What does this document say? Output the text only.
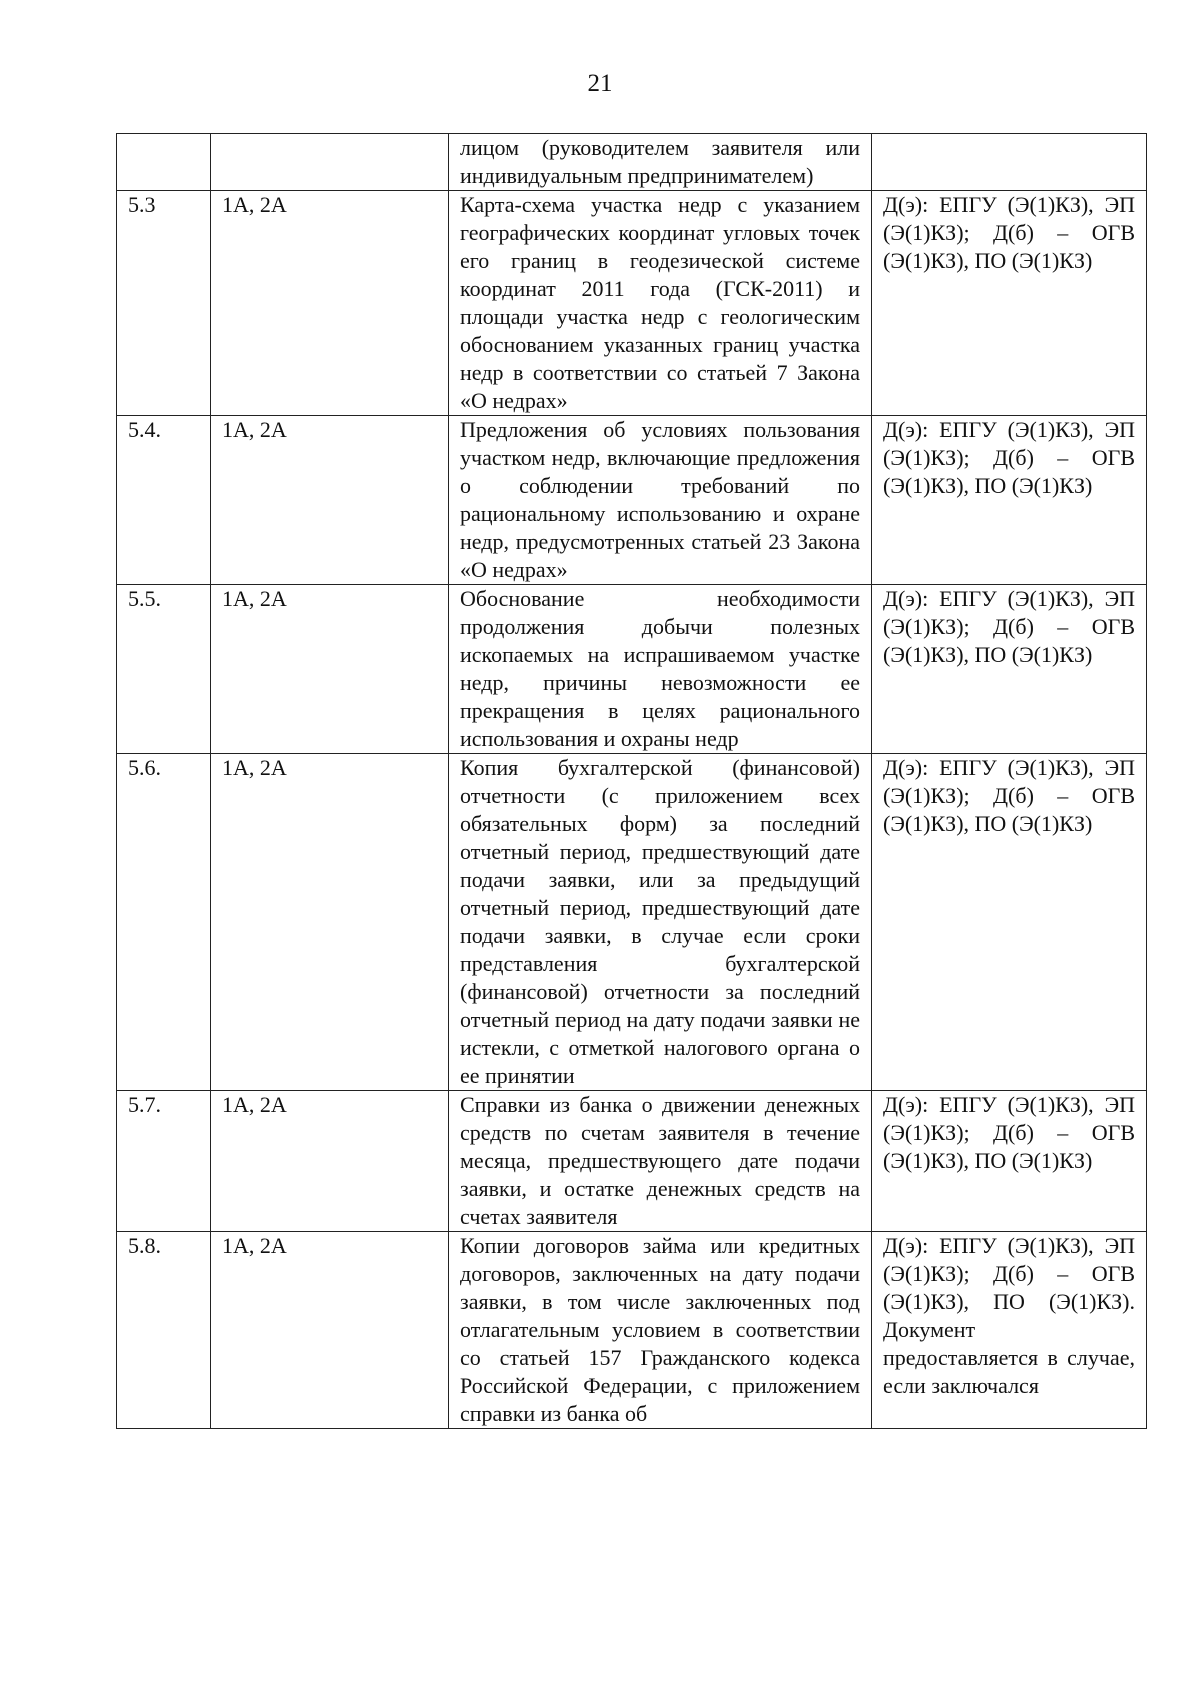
21
		лицом (руководителем заявителя или индивидуальным предпринимателем)	
5.3	1А, 2А	Карта-схема участка недр с указанием географических координат угловых точек его границ в геодезической системе координат 2011 года (ГСК-2011) и площади участка недр с геологическим обоснованием указанных границ участка недр в соответствии со статьей 7 Закона «О недрах»	Д(э): ЕПГУ (Э(1)КЗ), ЭП (Э(1)КЗ); Д(б) – ОГВ (Э(1)КЗ), ПО (Э(1)КЗ)
5.4.	1А, 2А	Предложения об условиях пользования участком недр, включающие предложения о соблюдении требований по рациональному использованию и охране недр, предусмотренных статьей 23 Закона «О недрах»	Д(э): ЕПГУ (Э(1)КЗ), ЭП (Э(1)КЗ); Д(б) – ОГВ (Э(1)КЗ), ПО (Э(1)КЗ)
5.5.	1А, 2А	Обоснование необходимости продолжения добычи полезных ископаемых на испрашиваемом участке недр, причины невозможности ее прекращения в целях рационального использования и охраны недр	Д(э): ЕПГУ (Э(1)КЗ), ЭП (Э(1)КЗ); Д(б) – ОГВ (Э(1)КЗ), ПО (Э(1)КЗ)
5.6.	1А, 2А	Копия бухгалтерской (финансовой) отчетности (с приложением всех обязательных форм) за последний отчетный период, предшествующий дате подачи заявки, или за предыдущий отчетный период, предшествующий дате подачи заявки, в случае если сроки представления бухгалтерской (финансовой) отчетности за последний отчетный период на дату подачи заявки не истекли, с отметкой налогового органа о ее принятии	Д(э): ЕПГУ (Э(1)КЗ), ЭП (Э(1)КЗ); Д(б) – ОГВ (Э(1)КЗ), ПО (Э(1)КЗ)
5.7.	1А, 2А	Справки из банка о движении денежных средств по счетам заявителя в течение месяца, предшествующего дате подачи заявки, и остатке денежных средств на счетах заявителя	Д(э): ЕПГУ (Э(1)КЗ), ЭП (Э(1)КЗ); Д(б) – ОГВ (Э(1)КЗ), ПО (Э(1)КЗ)
5.8.	1А, 2А	Копии договоров займа или кредитных договоров, заключенных на дату подачи заявки, в том числе заключенных под отлагательным условием в соответствии со статьей 157 Гражданского кодекса Российской Федерации, с приложением справки из банка об	Д(э): ЕПГУ (Э(1)КЗ), ЭП (Э(1)КЗ); Д(б) – ОГВ (Э(1)КЗ), ПО (Э(1)КЗ). Документ предоставляется в случае, если заключался
